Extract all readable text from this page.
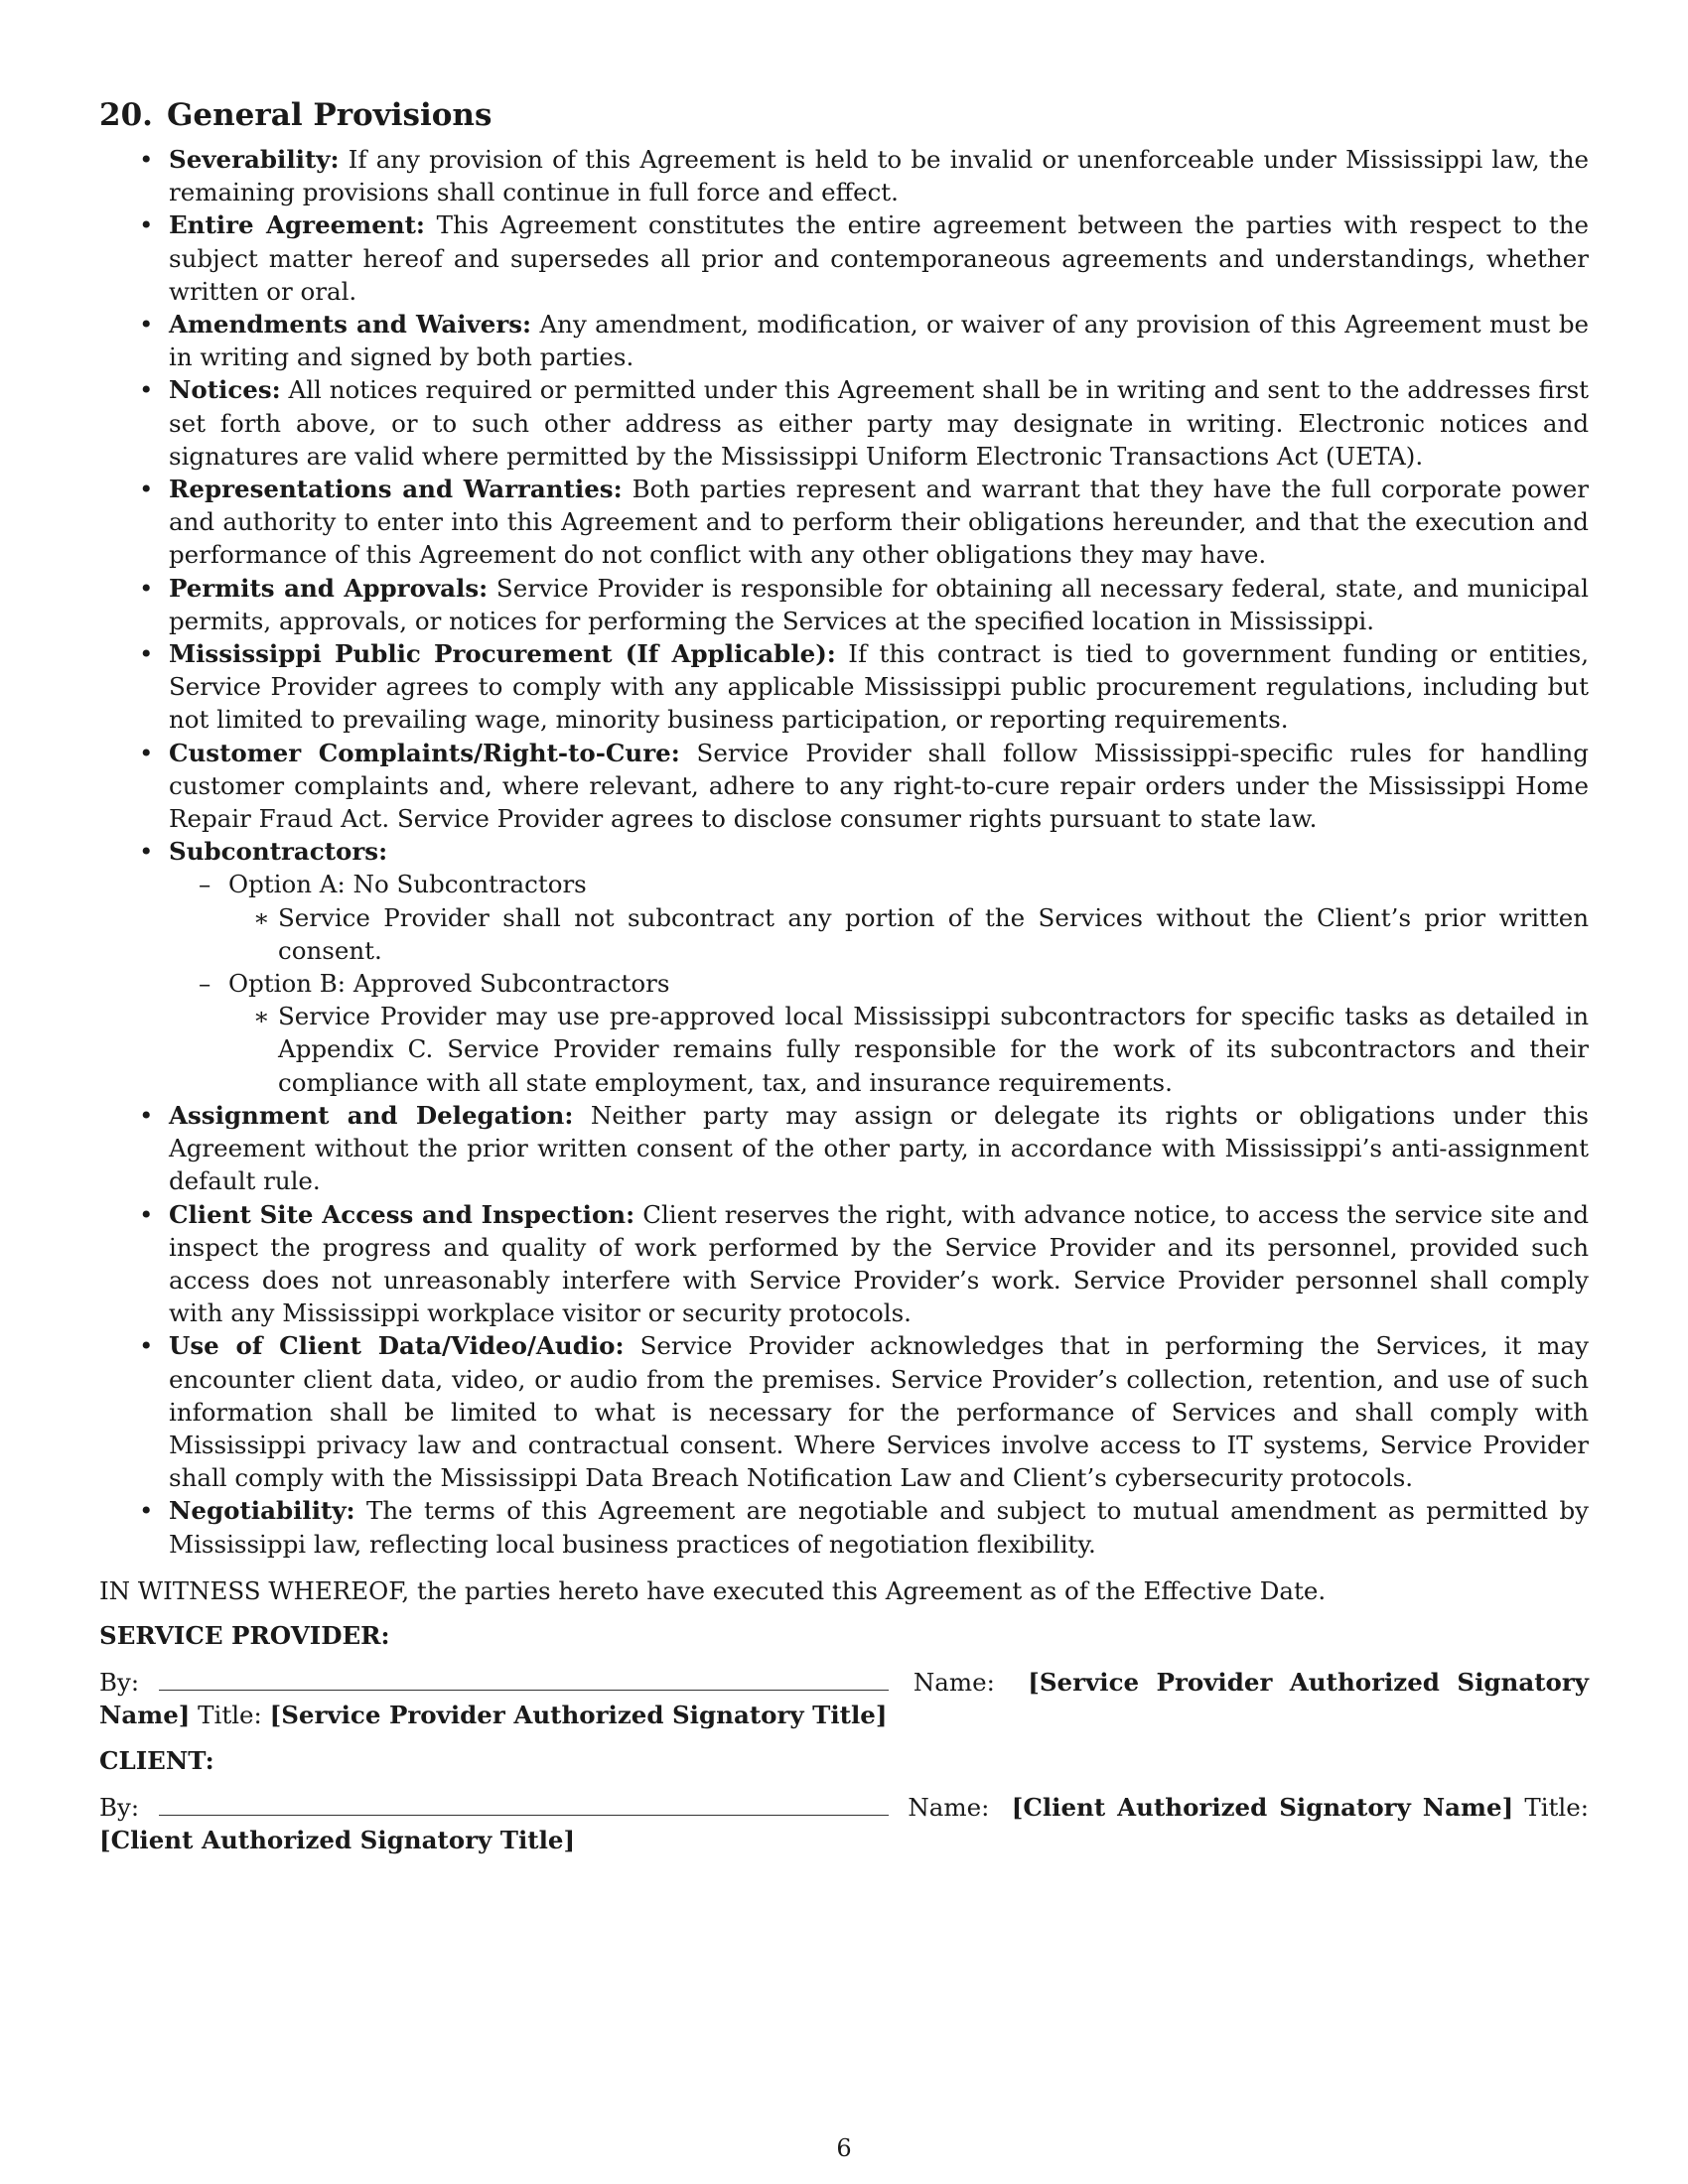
20. General Provisions
• Severability: If any provision of this Agreement is held to be invalid or unenforceable under Mississippi law, the remaining provisions shall continue in full force and effect.
• Entire Agreement: This Agreement constitutes the entire agreement between the parties with respect to the subject matter hereof and supersedes all prior and contemporaneous agreements and understandings, whether written or oral.
• Amendments and Waivers: Any amendment, modification, or waiver of any provision of this Agreement must be in writing and signed by both parties.
• Notices: All notices required or permitted under this Agreement shall be in writing and sent to the addresses first set forth above, or to such other address as either party may designate in writing. Electronic notices and signatures are valid where permitted by the Mississippi Uniform Electronic Transactions Act (UETA).
• Representations and Warranties: Both parties represent and warrant that they have the full corporate power and authority to enter into this Agreement and to perform their obligations hereunder, and that the execution and performance of this Agreement do not conflict with any other obligations they may have.
• Permits and Approvals: Service Provider is responsible for obtaining all necessary federal, state, and municipal permits, approvals, or notices for performing the Services at the specified location in Mississippi.
• Mississippi Public Procurement (If Applicable): If this contract is tied to government funding or entities, Service Provider agrees to comply with any applicable Mississippi public procurement regulations, including but not limited to prevailing wage, minority business participation, or reporting requirements.
• Customer Complaints/Right-to-Cure: Service Provider shall follow Mississippi-specific rules for handling customer complaints and, where relevant, adhere to any right-to-cure repair orders under the Mississippi Home Repair Fraud Act. Service Provider agrees to disclose consumer rights pursuant to state law.
• Subcontractors:
– Option A: No Subcontractors
∗ Service Provider shall not subcontract any portion of the Services without the Client’s prior written consent.
– Option B: Approved Subcontractors
∗ Service Provider may use pre-approved local Mississippi subcontractors for specific tasks as detailed in Appendix C. Service Provider remains fully responsible for the work of its subcontractors and their compliance with all state employment, tax, and insurance requirements.
• Assignment and Delegation: Neither party may assign or delegate its rights or obligations under this Agreement without the prior written consent of the other party, in accordance with Mississippi’s anti-assignment default rule.
• Client Site Access and Inspection: Client reserves the right, with advance notice, to access the service site and inspect the progress and quality of work performed by the Service Provider and its personnel, provided such access does not unreasonably interfere with Service Provider’s work. Service Provider personnel shall comply with any Mississippi workplace visitor or security protocols.
• Use of Client Data/Video/Audio: Service Provider acknowledges that in performing the Services, it may encounter client data, video, or audio from the premises. Service Provider’s collection, retention, and use of such information shall be limited to what is necessary for the performance of Services and shall comply with Mississippi privacy law and contractual consent. Where Services involve access to IT systems, Service Provider shall comply with the Mississippi Data Breach Notification Law and Client’s cybersecurity protocols.
• Negotiability: The terms of this Agreement are negotiable and subject to mutual amendment as permitted by Mississippi law, reflecting local business practices of negotiation flexibility.

IN WITNESS WHEREOF, the parties hereto have executed this Agreement as of the Effective Date.

SERVICE PROVIDER:

By:	Name: [Service Provider Authorized Signatory Name] Title: [Service Provider Authorized Signatory Title]

CLIENT:

By:	Name: [Client Authorized Signatory Name] Title: [Client Authorized Signatory Title]

6
